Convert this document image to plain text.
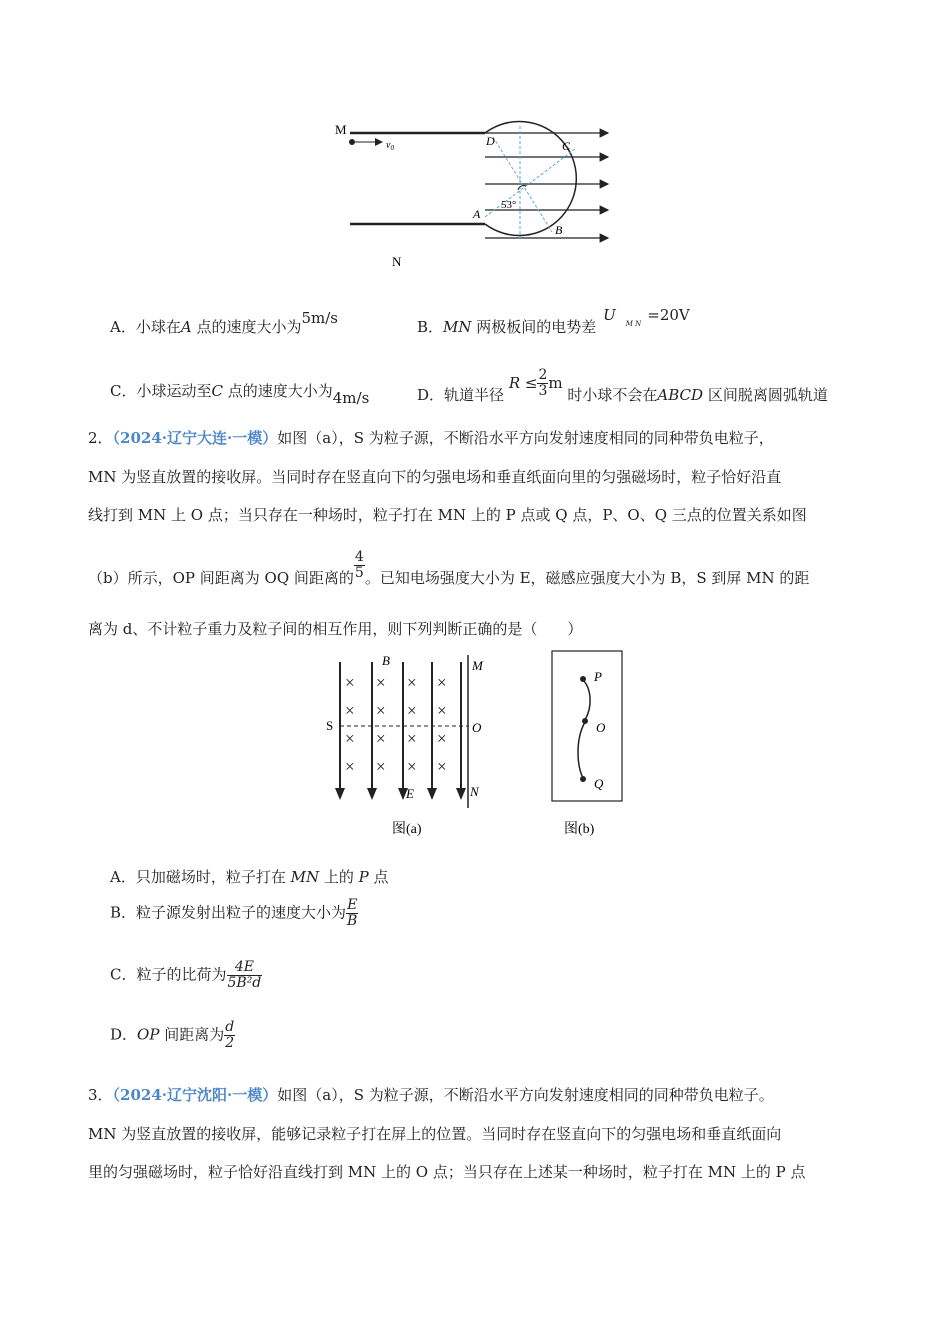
M
$v_0$
53°
D	C
A
B
N
A．小球在A 点的速度大小为5m/s	B．MN 两极板间的电势差 U $_{M N}$ =20V
C．小球运动至C 点的速度大小为4m/s	D．轨道半径 $R \le \frac{2}{3}$ m 时小球不会在ABCD 区间脱离圆弧轨道
2．（2024·辽宁大连·一模）如图（a），S 为粒子源，不断沿水平方向发射速度相同的同种带负电粒子，
MN 为竖直放置的接收屏。当同时存在竖直向下的匀强电场和垂直纸面向里的匀强磁场时，粒子恰好沿直
线打到 MN 上 O 点；当只存在一种场时，粒子打在 MN 上的 P 点或 Q 点，P、O、Q 三点的位置关系如图
（b）所示，OP 间距离为 OQ 间距离的 $\frac{4}{5}$ 。已知电场强度大小为 E，磁感应强度大小为 B，S 到屏 MN 的距
离为 d、不计粒子重力及粒子间的相互作用，则下列判断正确的是（　　）
× × × ×
× × × ×
× × × ×
× × × ×
B	M
S	O
E	N
图(a)
P
O
Q
图(b)
A．只加磁场时，粒子打在 MN 上的 P 点
B．粒子源发射出粒子的速度大小为 $\frac{E}{B}$
C．粒子的比荷为 $\frac{4E}{\text{5B²d}}$
D．OP 间距离为 $\frac{d}{2}$
3．（2024·辽宁沈阳·一模）如图（a），S 为粒子源，不断沿水平方向发射速度相同的同种带负电粒子。
MN 为竖直放置的接收屏，能够记录粒子打在屏上的位置。当同时存在竖直向下的匀强电场和垂直纸面向
里的匀强磁场时，粒子恰好沿直线打到 MN 上的 O 点；当只存在上述某一种场时，粒子打在 MN 上的 P 点
